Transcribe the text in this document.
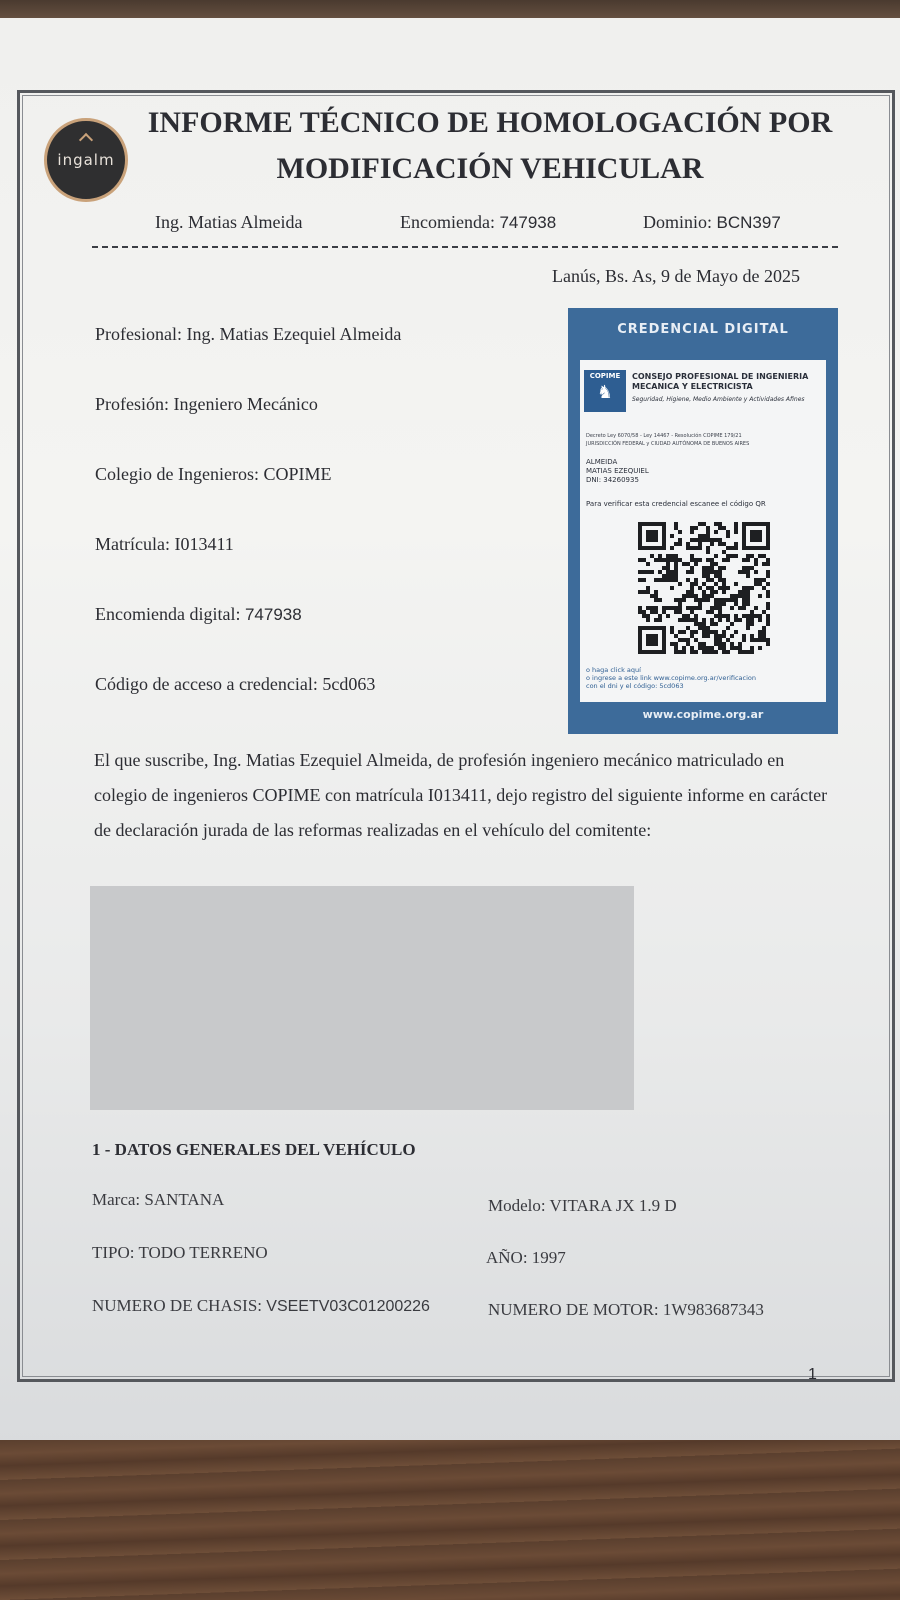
ingalm
INFORME TÉCNICO DE HOMOLOGACIÓN POR
MODIFICACIÓN VEHICULAR
Ing. Matias Almeida	Encomienda: 747938	Dominio: BCN397
Lanús, Bs. As, 9 de Mayo de 2025
Profesional: Ing. Matias Ezequiel Almeida
Profesión: Ingeniero Mecánico
Colegio de Ingenieros: COPIME
Matrícula: I013411
Encomienda digital: 747938
Código de acceso a credencial: 5cd063
CREDENCIAL DIGITAL
COPIME
♞
CONSEJO PROFESIONAL DE INGENIERIA MECANICA Y ELECTRICISTA
Seguridad, Higiene, Medio Ambiente y Actividades Afines
Decreto Ley 6070/58 - Ley 14467 - Resolución COPIME 179/21
JURISDICCIÓN FEDERAL y CIUDAD AUTÓNOMA DE BUENOS AIRES
ALMEIDA
MATIAS EZEQUIEL
DNI: 34260935
Para verificar esta credencial escanee el código QR
o haga click aquí
o ingrese a este link www.copime.org.ar/verificacion
con el dni y el código: 5cd063
www.copime.org.ar
El que suscribe, Ing. Matias Ezequiel Almeida, de profesión ingeniero mecánico matriculado en colegio de ingenieros COPIME con matrícula I013411, dejo registro del siguiente informe en carácter de declaración jurada de las reformas realizadas en el vehículo del comitente:
1 - DATOS GENERALES DEL VEHÍCULO
Marca: SANTANA	Modelo: VITARA JX 1.9 D
TIPO: TODO TERRENO	AÑO: 1997
NUMERO DE CHASIS: VSEETV03C01200226	NUMERO DE MOTOR: 1W983687343
1
